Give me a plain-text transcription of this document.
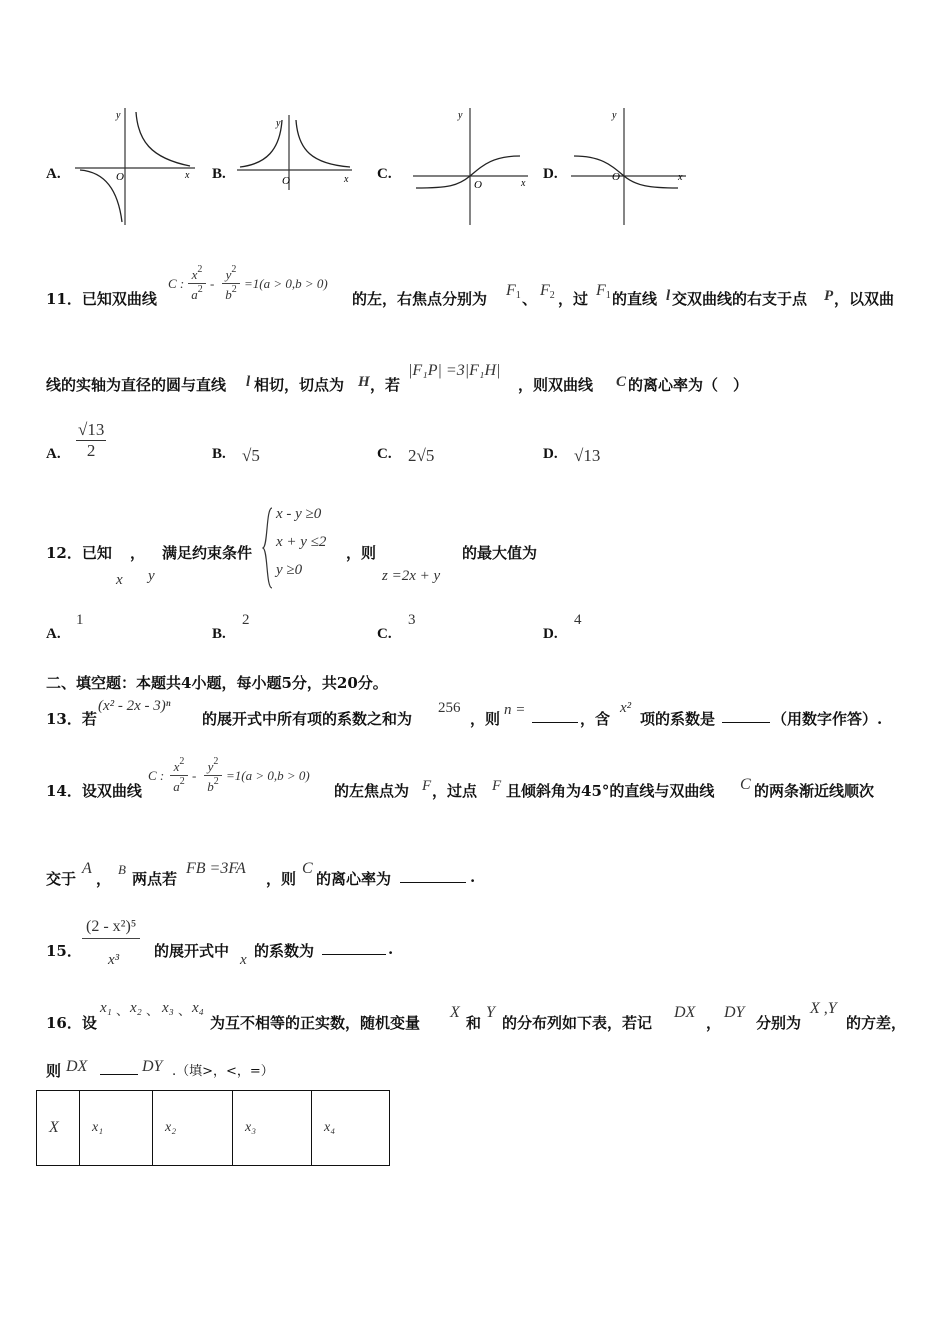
A.
y
x
O	B.
y
x
O	C.
y
x
O
D.
y
x
O
11．已知双曲线
C :
$x^2$
$a^2$ -
$y^2$
$b^2 =1(a > 0,b > 0)$
的左，右焦点分别为 $F_1$ 、 $F_2$ ，过 $F_1$ 的直线 l 交双曲线的右支于点 P ，以双曲
线的实轴为直径的圆与直线 l 相切，切点为 H ，若
|F₁P| =3|F₁H|
，则双曲线 C 的离心率为（　）
A. $\frac{√13}{2}$	B. √5	C. 2√5	D. √13
12．已知 ， 满足约束条件
x y
x - y ≥0
x + y ≤2
y ≥0
，则
z =2x + y
的最大值为
A.
1
B.
2
C.
3
D.
4
二、填空题：本题共4小题，每小题5分，共20分。
13．若
(x² - 2x - 3)ⁿ
的展开式中所有项的系数之和为
256
，则 n =	，含
x²
项的系数是	（用数字作答）.
14．设双曲线
C :
$x^2$
$a^2$ -
$y^2$
$b^2 =1(a > 0,b > 0)$
的左焦点为 F ，过点 F 且倾斜角为45°的直线与双曲线 C 的两条渐近线顺次
交于
A
，
B
两点若
FB =3FA
，则
C
的离心率为	.
15．
(2 - x²)⁵
x³ 的展开式中 x 的系数为	.
16．设
x₁ 、 x₂ 、 x₃ 、 x₄
为互不相等的正实数，随机变量
X
和
Y
的分布列如下表，若记
DX
，
DY
分别为
X ,Y
的方差，
则 DX	DY .（填>，<，=）
X	x₁	x₂	x₃	x₄
